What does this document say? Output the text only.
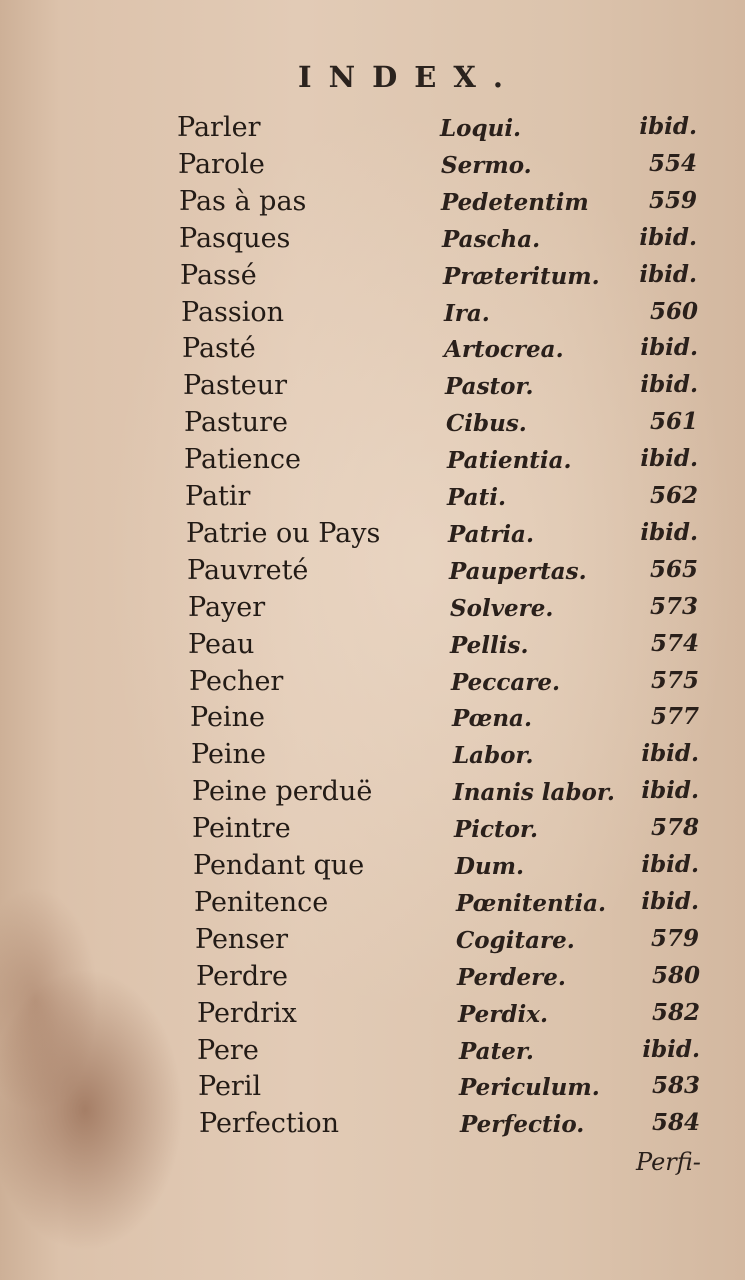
INDEX.
Parler	Loqui.	ibid.
Parole	Sermo.	554
Pas à pas	Pedetentim	559
Pasques	Pascha.	ibid.
Passé	Præteritum.	ibid.
Passion	Ira.	560
Pasté	Artocrea.	ibid.
Pasteur	Pastor.	ibid.
Pasture	Cibus.	561
Patience	Patientia.	ibid.
Patir	Pati.	562
Patrie ou Pays	Patria.	ibid.
Pauvreté	Paupertas.	565
Payer	Solvere.	573
Peau	Pellis.	574
Pecher	Peccare.	575
Peine	Pœna.	577
Peine	Labor.	ibid.
Peine perduë	Inanis labor.	ibid.
Peintre	Pictor.	578
Pendant que	Dum.	ibid.
Penitence	Pœnitentia.	ibid.
Penser	Cogitare.	579
Perdre	Perdere.	580
Perdrix	Perdix.	582
Pere	Pater.	ibid.
Peril	Periculum.	583
Perfection	Perfectio.	584
Perfi-
